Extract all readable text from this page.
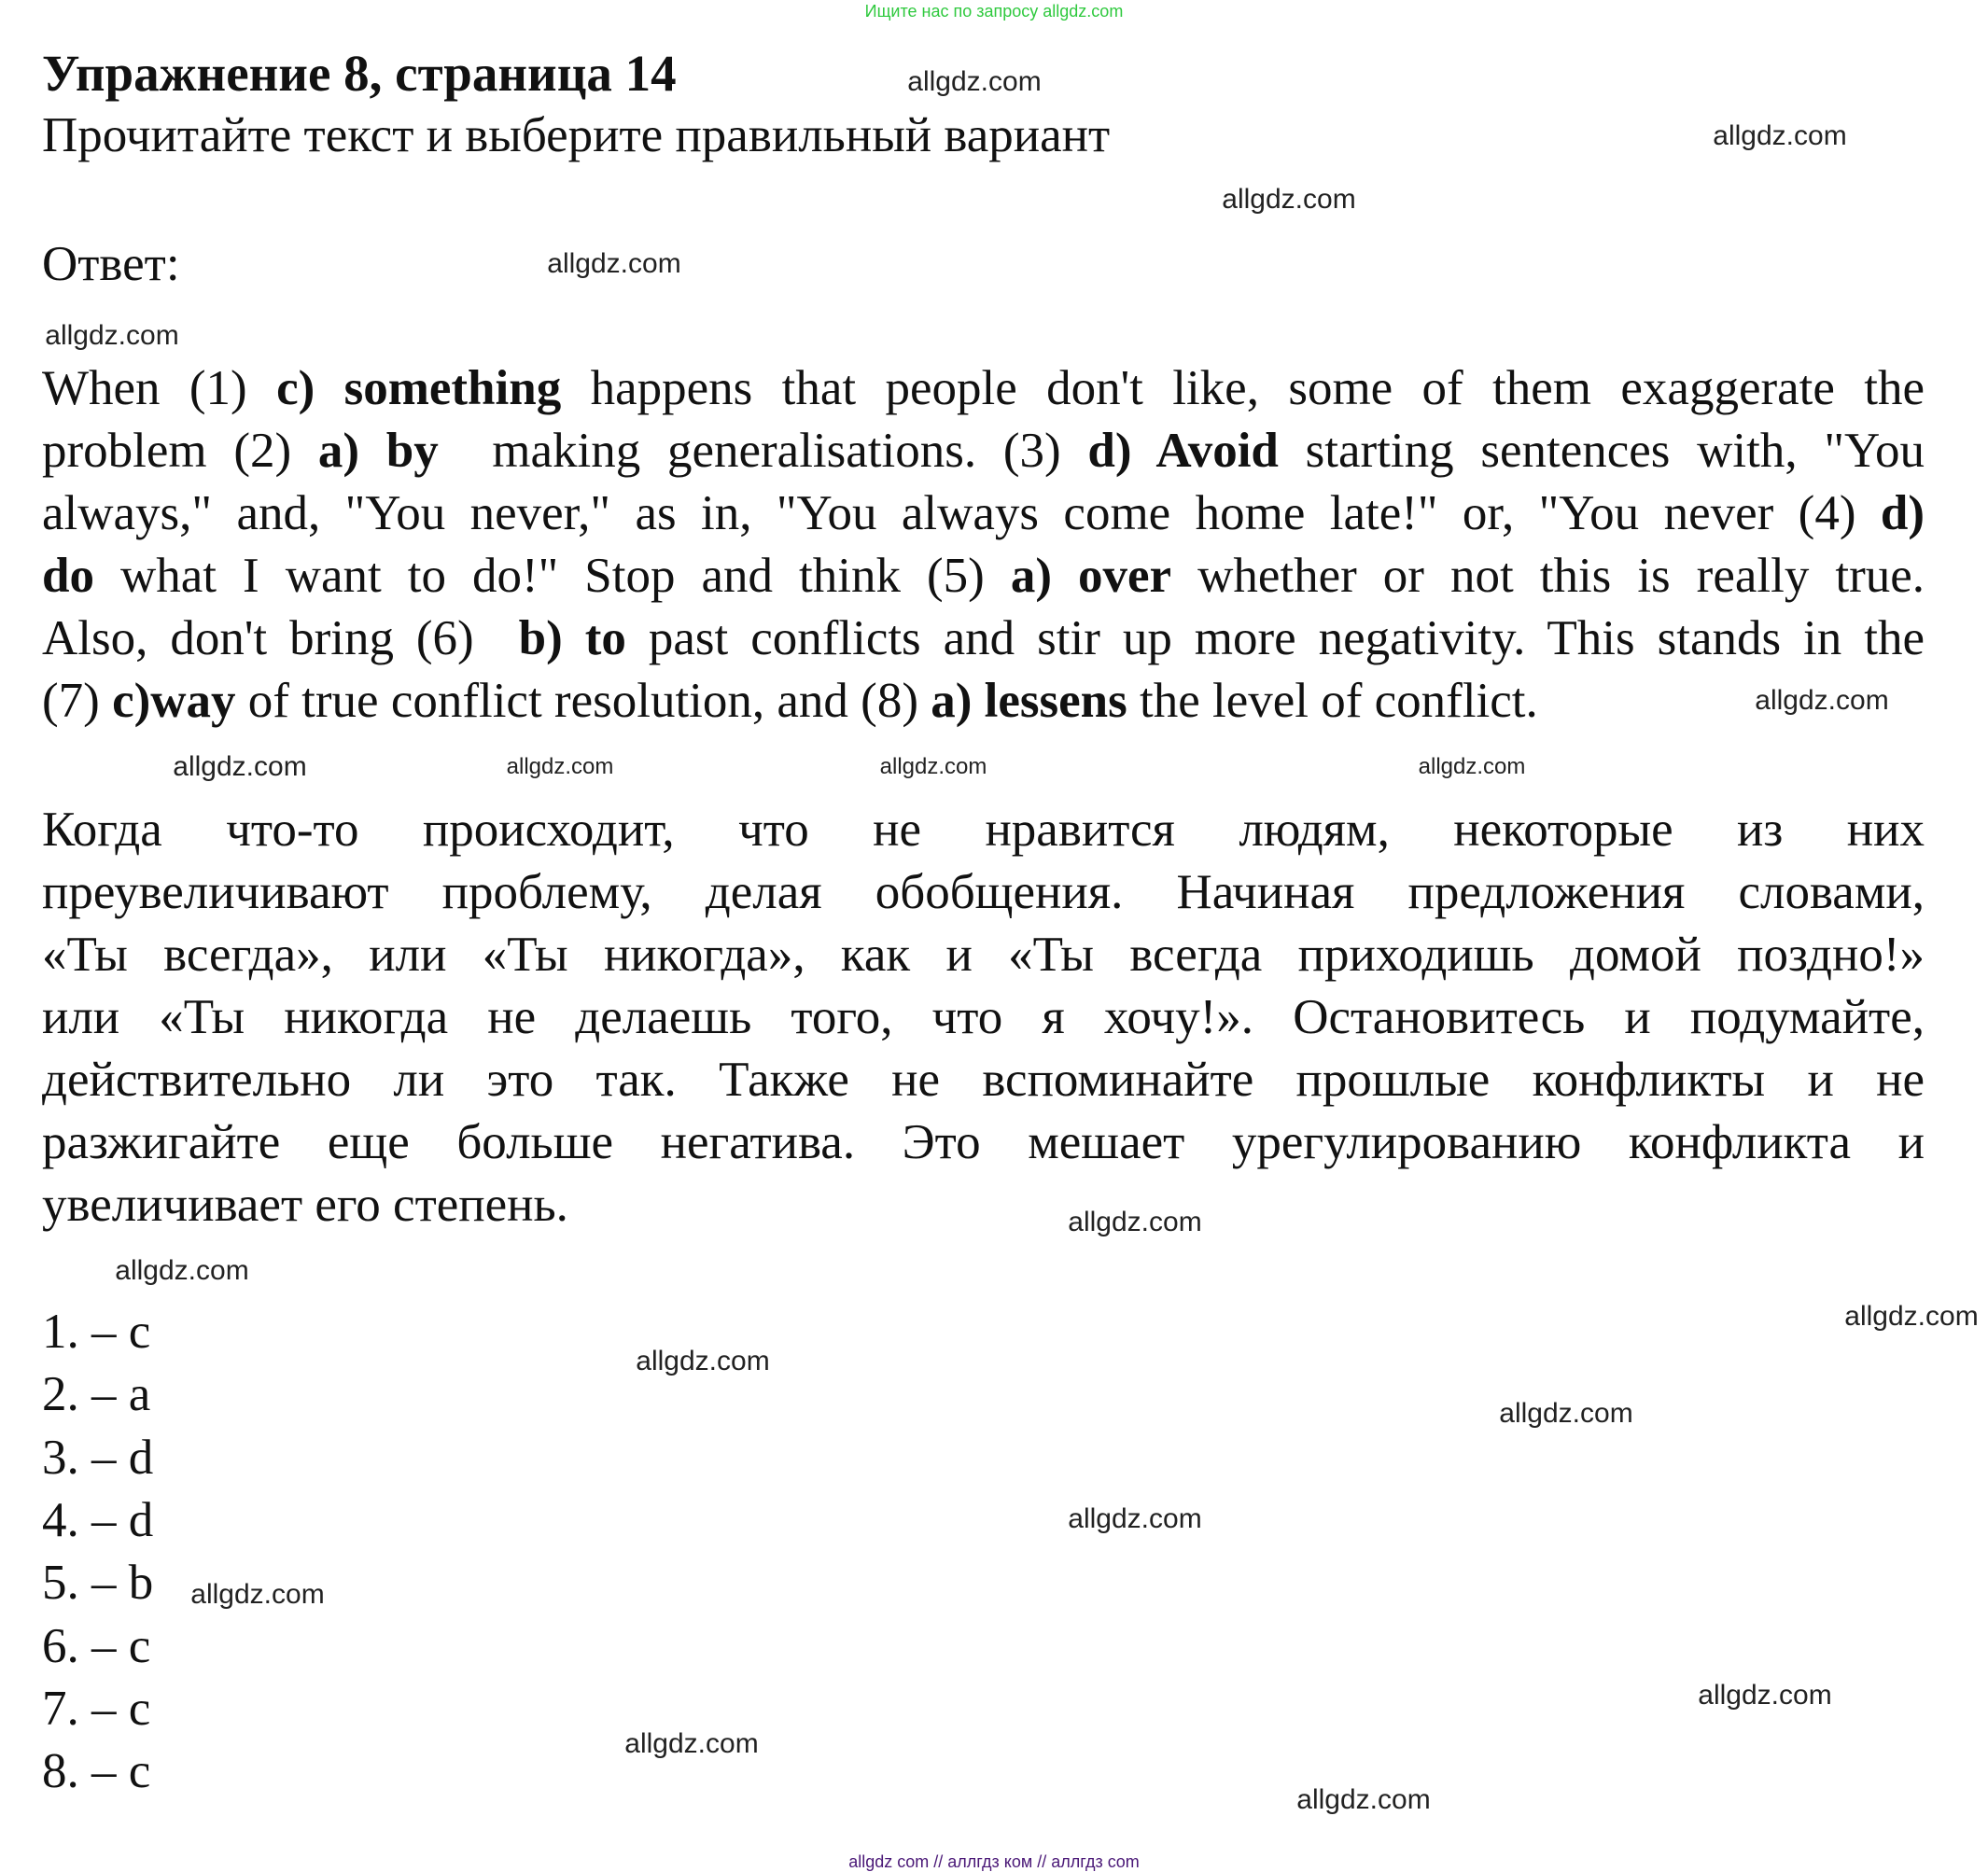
Ищите нас по запросу allgdz.com
Упражнение 8, страница 14
Прочитайте текст и выберите правильный вариант
Ответ:
When (1) c) something happens that people don't like, some of them exaggerate the
problem (2) a) by  making generalisations. (3) d) Avoid starting sentences with, "You
always," and, "You never," as in, "You always come home late!" or, "You never (4) d)
do what I want to do!" Stop and think (5) a) over whether or not this is really true.
Also, don't bring (6)  b) to past conflicts and stir up more negativity. This stands in the
(7) c)way of true conflict resolution, and (8) a) lessens the level of conflict.
Когда что-то происходит, что не нравится людям, некоторые из них
преувеличивают проблему, делая обобщения. Начиная предложения словами,
«Ты всегда», или «Ты никогда», как и «Ты всегда приходишь домой поздно!»
или «Ты никогда не делаешь того, что я хочу!». Остановитесь и подумайте,
действительно ли это так. Также не вспоминайте прошлые конфликты и не
разжигайте еще больше негатива. Это мешает урегулированию конфликта и
увеличивает его степень.
1. – c
2. – a
3. – d
4. – d
5. – b
6. – c
7. – c
8. – c
allgdz.com
allgdz.com
allgdz.com
allgdz.com
allgdz.com
allgdz.com
allgdz.com
allgdz.com	allgdz.com
allgdz.com
allgdz.com
allgdz.com
allgdz.com
allgdz.com
allgdz.com
allgdz.com
allgdz.com
allgdz.com
allgdz.com
allgdz.com
allgdz com // аллгдз ком // аллгдз com
